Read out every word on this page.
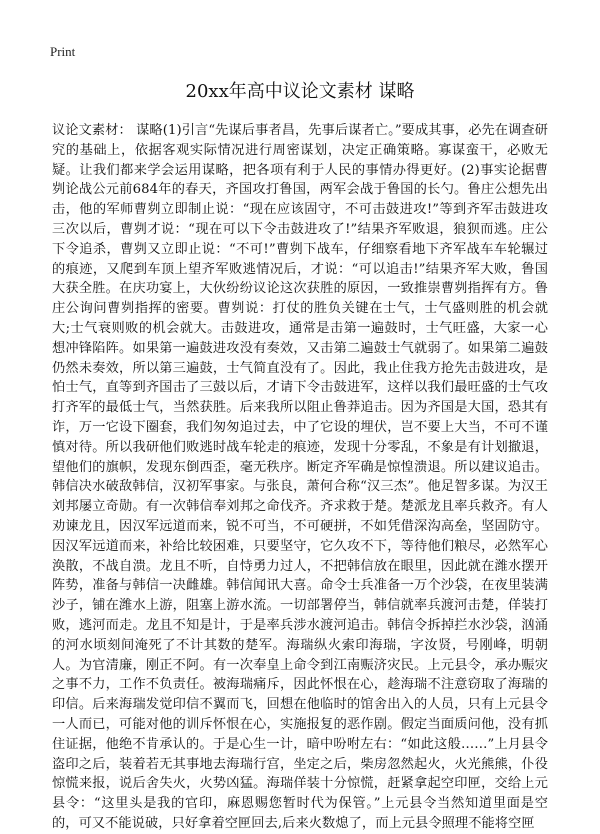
Print
20xx年高中议论文素材 谋略

议论文素材： 谋略(1)引言“先谋后事者昌，先事后谋者亡。”要成其事，必先在调查研究的基础上，依据客观实际情况进行周密谋划，决定正确策略。寡谋蛮干，必败无疑。让我们都来学会运用谋略，把各项有利于人民的事情办得更好。(2)事实论据曹刿论战公元前684年的春天，齐国攻打鲁国，两军会战于鲁国的长勺。鲁庄公想先出击，他的军师曹刿立即制止说：“现在应该固守，不可击鼓进攻!”等到齐军击鼓进攻三次以后，曹刿才说：“现在可以下令击鼓进攻了!”结果齐军败退，狼狈而逃。庄公下令追杀，曹刿又立即止说：“不可!”曹刿下战车，仔细察看地下齐军战车车轮辗过的痕迹，又爬到车顶上望齐军败逃情况后，才说：“可以追击!”结果齐军大败，鲁国大获全胜。在庆功宴上，大伙纷纷议论这次获胜的原因，一致推崇曹刿指挥有方。鲁庄公询问曹刿指挥的密要。曹刿说：打仗的胜负关键在士气，士气盛则胜的机会就大;士气衰则败的机会就大。击鼓进攻，通常是击第一遍鼓时，士气旺盛，大家一心想冲锋陷阵。如果第一遍鼓进攻没有奏效，又击第二遍鼓士气就弱了。如果第二遍鼓仍然未奏效，所以第三遍鼓，士气简直没有了。因此，我止住我方抢先击鼓进攻，是怕士气，直等到齐国击了三鼓以后，才请下令击鼓进军，这样以我们最旺盛的士气攻打齐军的最低士气，当然获胜。后来我所以阻止鲁莽追击。因为齐国是大国，恐其有诈，万一它设下圈套，我们匆匆追过去，中了它设的埋伏，岂不要上大当，不可不谨慎对待。所以我研他们败逃时战车轮走的痕迹，发现十分零乱，不象是有计划撤退，望他们的旗帜，发现东倒西歪，毫无秩序。断定齐军确是惊惶溃退。所以建议追击。韩信决水破敌韩信，汉初军事家。与张良，萧何合称“汉三杰”。他足智多谋。为汉王刘邦屡立奇勋。有一次韩信奉刘邦之命伐齐。齐求救于楚。楚派龙且率兵救齐。有人劝谏龙且，因汉军远道而来，锐不可当，不可硬拼，不如凭借深沟高垒，坚固防守。因汉军远道而来，补给比较困难，只要坚守，它久攻不下，等待他们粮尽，必然军心涣散，不战自溃。龙且不听，自恃勇力过人，不把韩信放在眼里，因此就在潍水摆开阵势，准备与韩信一决雌雄。韩信闻讯大喜。命令士兵准备一万个沙袋，在夜里装满沙子，铺在潍水上游，阻塞上游水流。一切部署停当，韩信就率兵渡河击楚，佯装打败，逃河而走。龙且不知是计，于是率兵涉水渡河追击。韩信令拆掉拦水沙袋，汹涌的河水顷刻间淹死了不计其数的楚军。海瑞纵火索印海瑞，字汝贤，号刚峰，明朝人。为官清廉，刚正不阿。有一次奉皇上命令到江南赈济灾民。上元县令，承办赈灾之事不力，工作不负责任。被海瑞痛斥，因此怀恨在心，趁海瑞不注意窃取了海瑞的印信。后来海瑞发觉印信不翼而飞，回想在他临时的馆舍出入的人员，只有上元县令一人而已，可能对他的训斥怀恨在心，实施报复的恶作剧。假定当面质问他，没有抓住证据，他绝不肯承认的。于是心生一计，暗中吩咐左右：“如此这般……”上月县令盗印之后，装着若无其事地去海瑞行宫，坐定之后，柴房忽然起火，火光熊熊，仆役惊慌来报，说后舍失火，火势凶猛。海瑞佯装十分惊慌，赶紧拿起空印匣，交给上元县令：“这里头是我的官印，麻恩赐您暂时代为保管。”上元县令当然知道里面是空的，可又不能说破，只好拿着空匣回去,后来火数熄了，而上元县令照理不能将空匣
